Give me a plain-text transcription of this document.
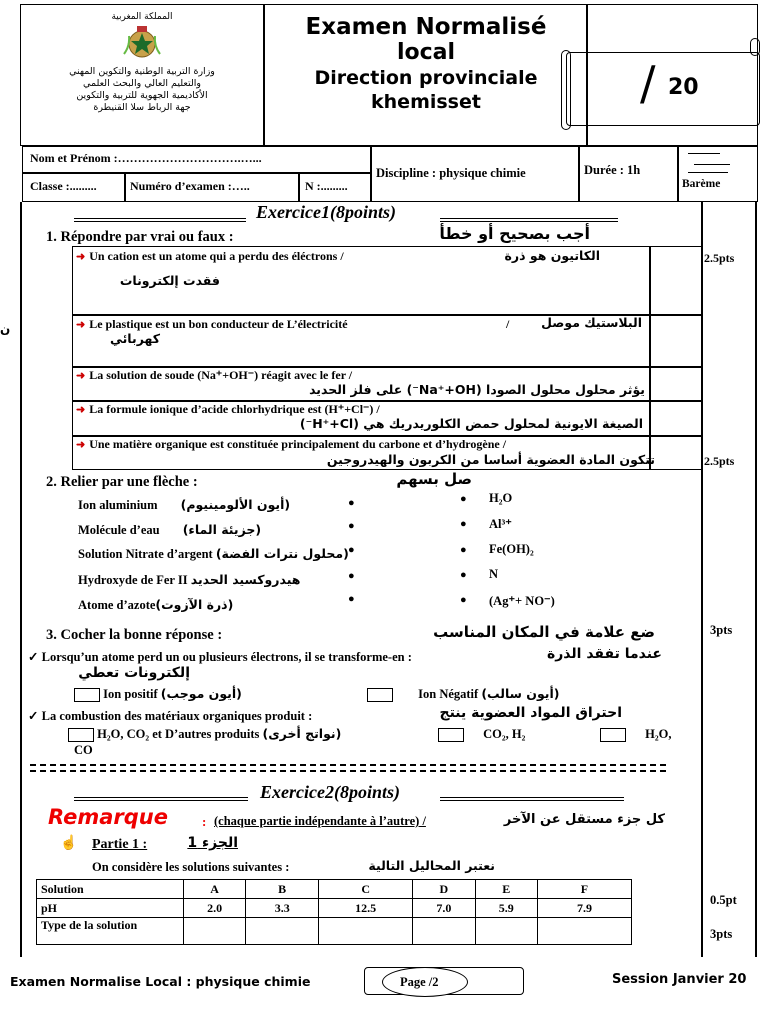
المملكة المغربية
وزارة التربية الوطنية والتكوين المهني
والتعليم العالي والبحث العلمي
الأكاديمية الجهوية للتربية والتكوين
جهة الرباط سلا القنيطرة
Examen Normalisé
local
Direction provinciale
khemisset	/ 20
Nom et Prénom :………………………….…...
Classe :.........	Numéro d’examen :…..	N :.........
Discipline : physique chimie	Durée : 1h
Barème
ن
Exercice1(8points)
1. Répondre par vrai ou faux :	أجب بصحيح أو خطأ
➜ Un cation est un atome qui a perdu des éléctrons /	الكاتيون هو ذرة
فقدت إلكترونات
➜ Le plastique est un bon conducteur de L’électricité	/	البلاستيك موصل
كهربائي
➜ La solution de soude (Na⁺+OH⁻) réagit avec le fer /
يؤثر محلول محلول الصودا (Na⁺+OH⁻) على فلز الحديد
➜ La formule ionique d’acide chlorhydrique est (H⁺+Cl⁻) /
الصيغة الايونية لمحلول حمض الكلوريدريك هي (H⁺+Cl⁻)
➜ Une matière organique est constituée principalement du carbone et d’hydrogène /
تتكون المادة العضوية أساسا من الكربون والهيدروجين
2.5pts
2.5pts
2. Relier par une flèche :	صل بسهم
Ion aluminium (أيون الألومينيوم)
Molécule d’eau (جزيئة الماء)
Solution Nitrate d’argent (محلول نترات الفضة)
Hydroxyde de Fer II هيدروكسيد الحديد
Atome d’azote(ذرة الآزوت)
●
●
●
●
●
●
●
●
●
●
H₂O
Al³⁺
Fe(OH)₂
N
(Ag⁺+ NO⁻)
3. Cocher la bonne réponse :	ضع علامة في المكان المناسب	3pts
✓ Lorsqu’un atome perd un ou plusieurs électrons, il se transforme-en :	عندما تفقد الذرة
إلكترونات تعطي
Ion positif (أيون موجب)	Ion Négatif (أيون سالب)
✓ La combustion des matériaux organiques produit :	احتراق المواد العضوية ينتج
H₂O, CO₂ et D’autres produits (نواتج أخرى)	CO₂, H₂	H₂O,
CO
Exercice2(8points)
Remarque	: (chaque partie indépendante à l’autre) /	كل جزء مستقل عن الآخر
☝ Partie 1 :	الجزء 1
On considère les solutions suivantes :	نعتبر المحاليل التالية
Solution	A	B	C	D	E	F
pH	2.0	3.3	12.5	7.0	5.9	7.9
Type de la solution						
0.5pt
3pts
Examen Normalise Local : physique chimie	Page /2	Session Janvier 20
